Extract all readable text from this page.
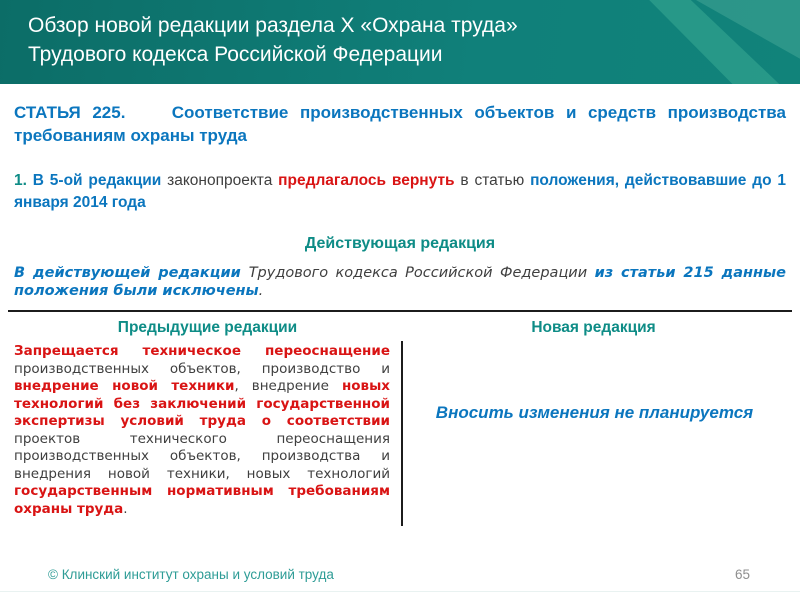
Обзор новой редакции раздела X «Охрана труда»
Трудового кодекса Российской Федерации

СТАТЬЯ 225.    Соответствие производственных объектов и средств производства требованиям охраны труда

1. В 5-ой редакции законопроекта предлагалось вернуть в статью положения, действовавшие до 1 января 2014 года

Действующая редакция

В действующей редакции Трудового кодекса Российской Федерации из статьи 215 данные положения были исключены.

Предыдущие редакции	Новая редакция
Запрещается техническое переоснащение производственных объектов, производство и внедрение новой техники, внедрение новых технологий без заключений государственной экспертизы условий труда о соответствии проектов технического переоснащения производственных объектов, производства и внедрения новой техники, новых технологий государственным нормативным требованиям охраны труда.
Вносить изменения не планируется
© Клинский институт охраны и условий труда	65
